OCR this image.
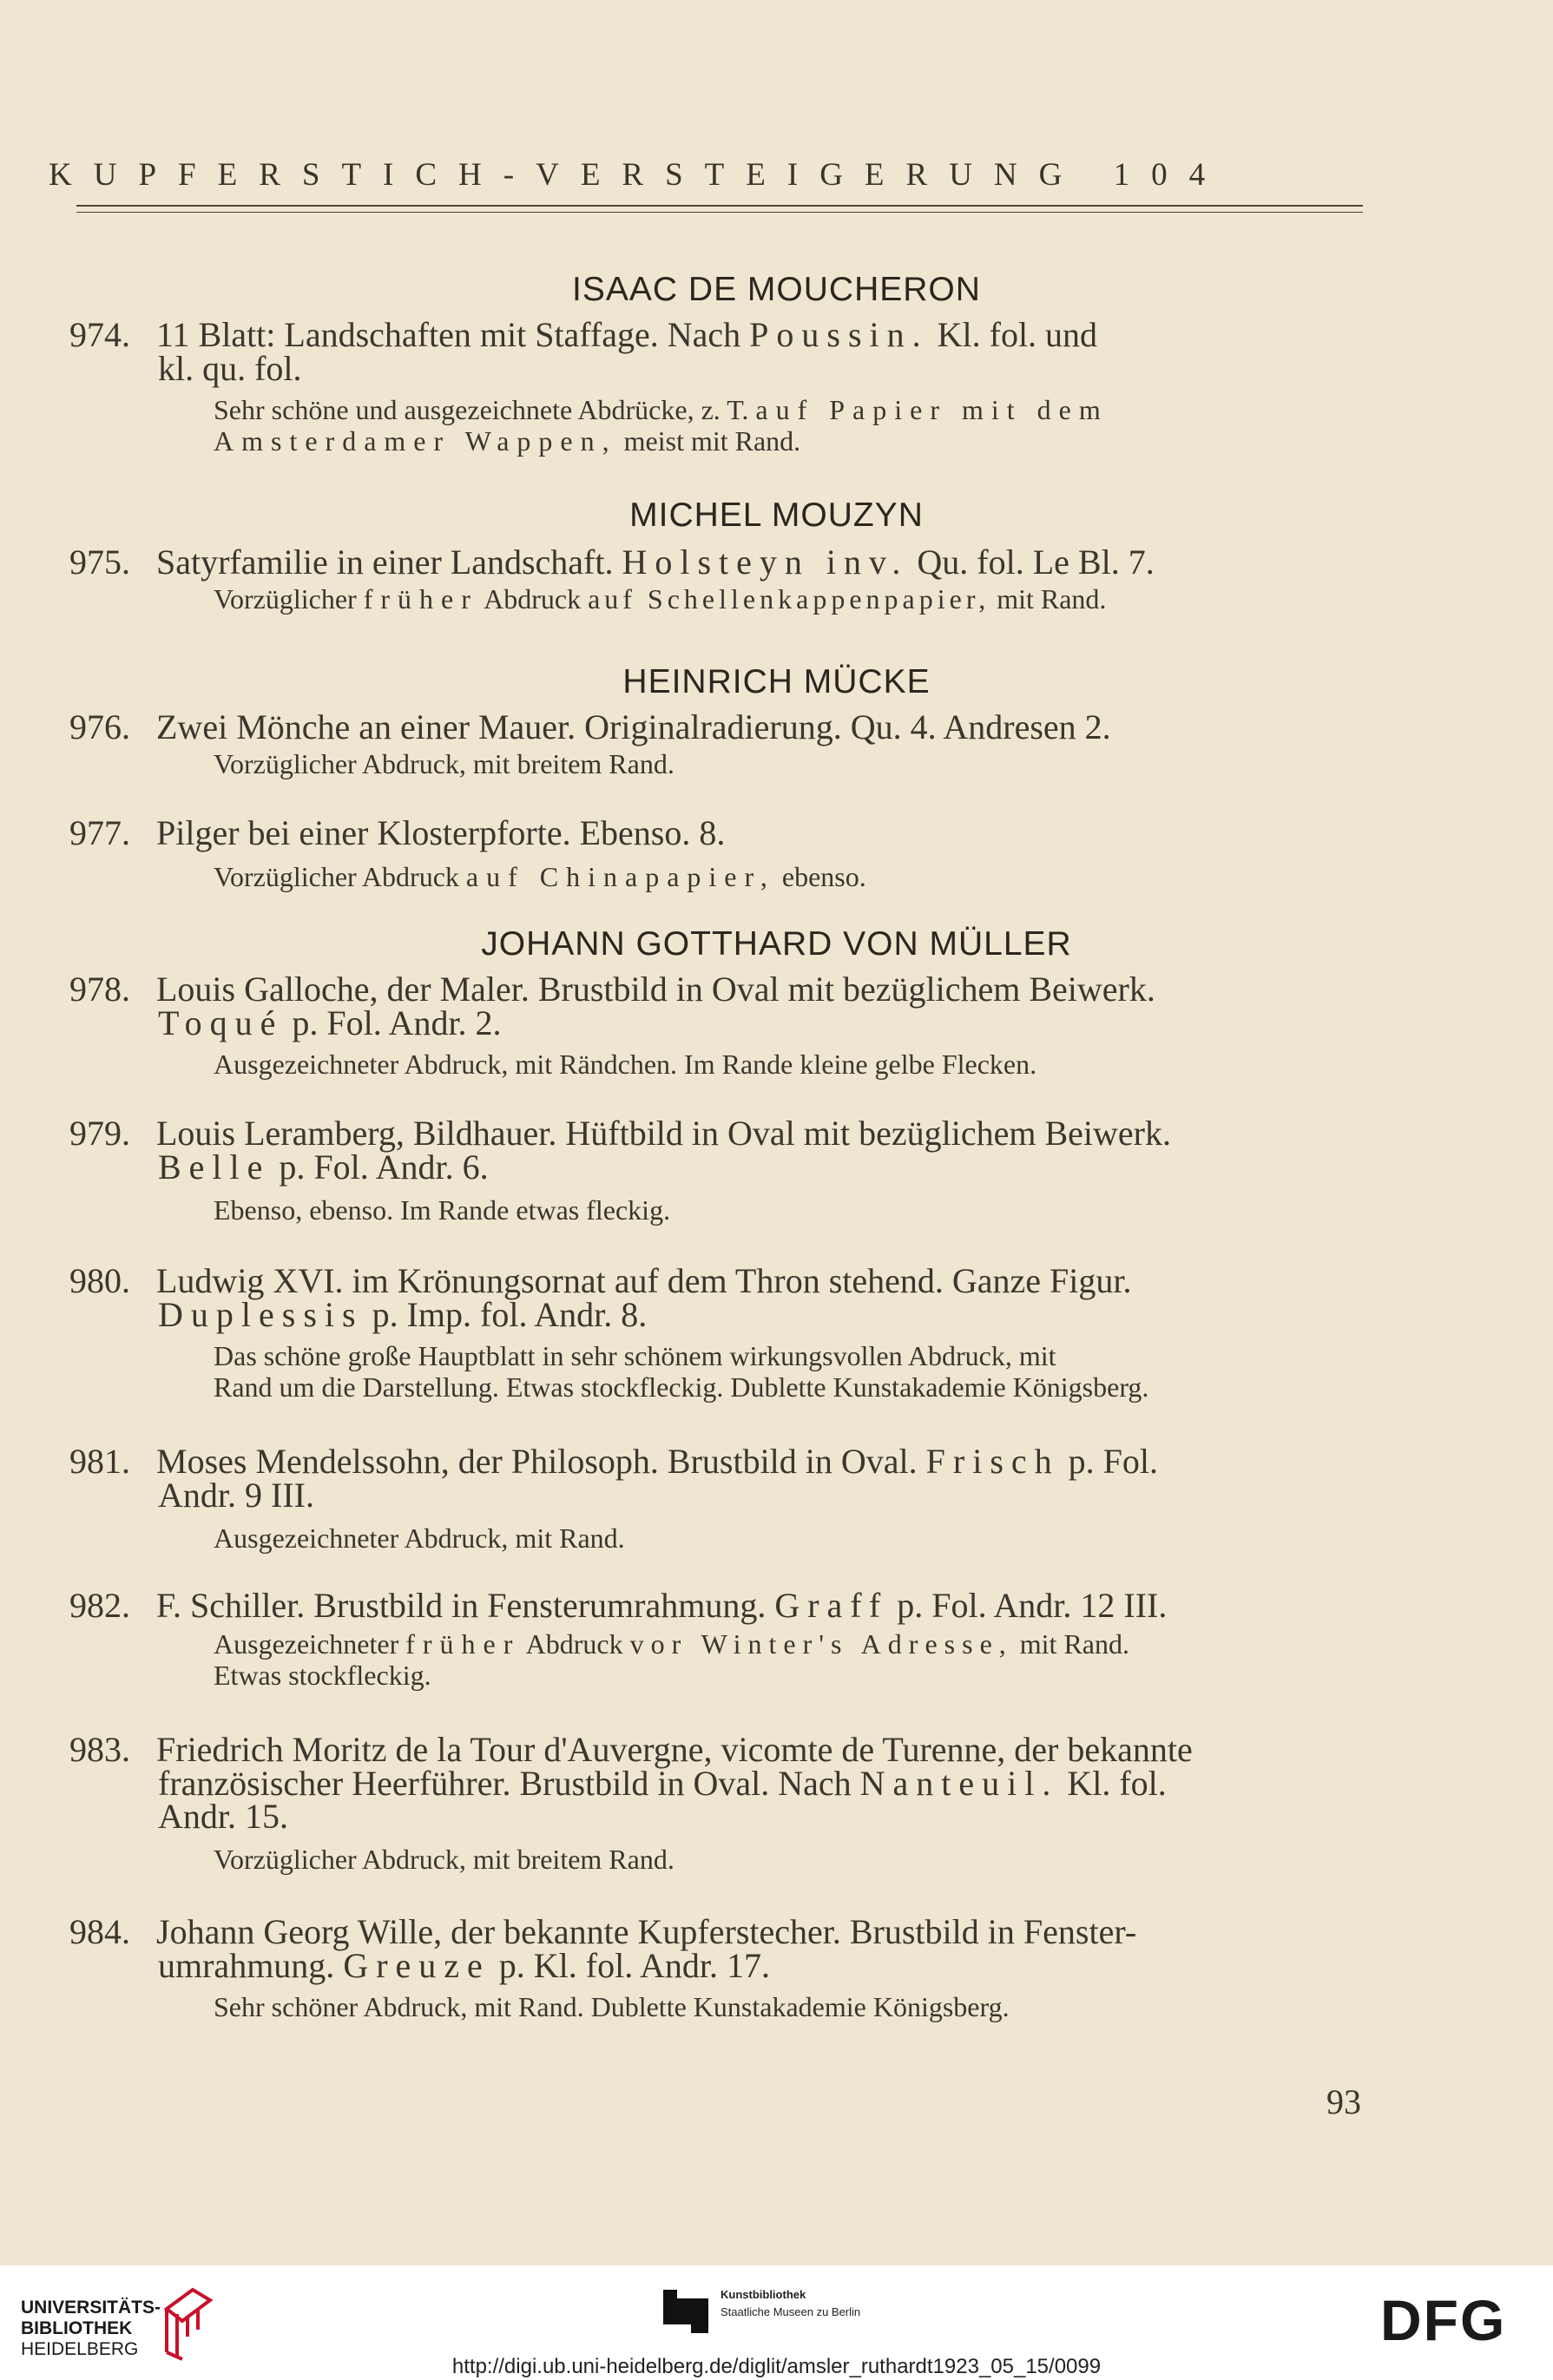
KUPFERSTICH-VERSTEIGERUNG 104
ISAAC DE MOUCHERON
974. 11 Blatt: Landschaften mit Staffage. Nach Poussin. Kl. fol. und
kl. qu. fol.
Sehr schöne und ausgezeichnete Abdrücke, z. T. auf Papier mit dem
Amsterdamer Wappen, meist mit Rand.
MICHEL MOUZYN
975. Satyrfamilie in einer Landschaft. Holsteyn inv. Qu. fol. Le Bl. 7.
Vorzüglicher früher Abdruck auf Schellenkappenpapier, mit Rand.
HEINRICH MÜCKE
976. Zwei Mönche an einer Mauer. Originalradierung. Qu. 4. Andresen 2.
Vorzüglicher Abdruck, mit breitem Rand.
977. Pilger bei einer Klosterpforte. Ebenso. 8.
Vorzüglicher Abdruck auf Chinapapier, ebenso.
JOHANN GOTTHARD VON MÜLLER
978. Louis Galloche, der Maler. Brustbild in Oval mit bezüglichem Beiwerk.
Toqué p. Fol. Andr. 2.
Ausgezeichneter Abdruck, mit Rändchen. Im Rande kleine gelbe Flecken.
979. Louis Leramberg, Bildhauer. Hüftbild in Oval mit bezüglichem Beiwerk.
Belle p. Fol. Andr. 6.
Ebenso, ebenso. Im Rande etwas fleckig.
980. Ludwig XVI. im Krönungsornat auf dem Thron stehend. Ganze Figur.
Duplessis p. Imp. fol. Andr. 8.
Das schöne große Hauptblatt in sehr schönem wirkungsvollen Abdruck, mit
Rand um die Darstellung. Etwas stockfleckig. Dublette Kunstakademie Königsberg.
981. Moses Mendelssohn, der Philosoph. Brustbild in Oval. Frisch p. Fol.
Andr. 9 III.
Ausgezeichneter Abdruck, mit Rand.
982. F. Schiller. Brustbild in Fensterumrahmung. Graff p. Fol. Andr. 12 III.
Ausgezeichneter früher Abdruck vor Winter's Adresse, mit Rand.
Etwas stockfleckig.
983. Friedrich Moritz de la Tour d'Auvergne, vicomte de Turenne, der bekannte
französischer Heerführer. Brustbild in Oval. Nach Nanteuil. Kl. fol.
Andr. 15.
Vorzüglicher Abdruck, mit breitem Rand.
984. Johann Georg Wille, der bekannte Kupferstecher. Brustbild in Fenster-
umrahmung. Greuze p. Kl. fol. Andr. 17.
Sehr schöner Abdruck, mit Rand. Dublette Kunstakademie Königsberg.
93
UNIVERSITÄTS-
BIBLIOTHEK
HEIDELBERG
Kunstbibliothek
Staatliche Museen zu Berlin	DFG
http://digi.ub.uni-heidelberg.de/diglit/amsler_ruthardt1923_05_15/0099
